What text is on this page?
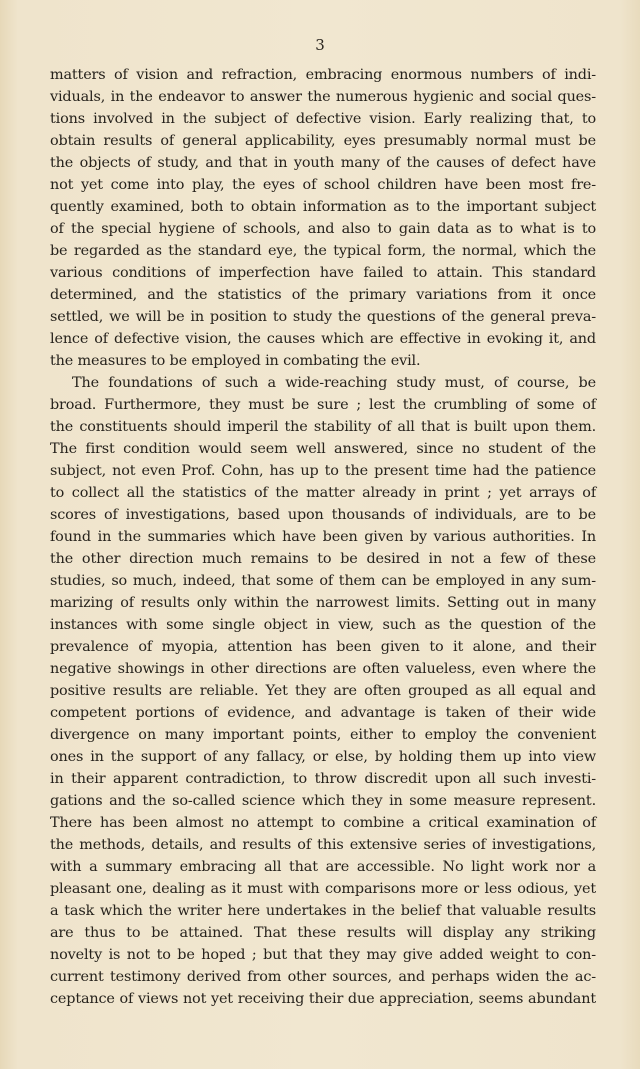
3
matters of vision and refraction, embracing enormous numbers of indi-
viduals, in the endeavor to answer the numerous hygienic and social ques-
tions involved in the subject of defective vision. Early realizing that, to
obtain results of general applicability, eyes presumably normal must be
the objects of study, and that in youth many of the causes of defect have
not yet come into play, the eyes of school children have been most fre-
quently examined, both to obtain information as to the important subject
of the special hygiene of schools, and also to gain data as to what is to
be regarded as the standard eye, the typical form, the normal, which the
various conditions of imperfection have failed to attain. This standard
determined, and the statistics of the primary variations from it once
settled, we will be in position to study the questions of the general preva-
lence of defective vision, the causes which are effective in evoking it, and
the measures to be employed in combating the evil.
The foundations of such a wide-reaching study must, of course, be
broad. Furthermore, they must be sure ; lest the crumbling of some of
the constituents should imperil the stability of all that is built upon them.
The first condition would seem well answered, since no student of the
subject, not even Prof. Cohn, has up to the present time had the patience
to collect all the statistics of the matter already in print ; yet arrays of
scores of investigations, based upon thousands of individuals, are to be
found in the summaries which have been given by various authorities. In
the other direction much remains to be desired in not a few of these
studies, so much, indeed, that some of them can be employed in any sum-
marizing of results only within the narrowest limits. Setting out in many
instances with some single object in view, such as the question of the
prevalence of myopia, attention has been given to it alone, and their
negative showings in other directions are often valueless, even where the
positive results are reliable. Yet they are often grouped as all equal and
competent portions of evidence, and advantage is taken of their wide
divergence on many important points, either to employ the convenient
ones in the support of any fallacy, or else, by holding them up into view
in their apparent contradiction, to throw discredit upon all such investi-
gations and the so-called science which they in some measure represent.
There has been almost no attempt to combine a critical examination of
the methods, details, and results of this extensive series of investigations,
with a summary embracing all that are accessible. No light work nor a
pleasant one, dealing as it must with comparisons more or less odious, yet
a task which the writer here undertakes in the belief that valuable results
are thus to be attained. That these results will display any striking
novelty is not to be hoped ; but that they may give added weight to con-
current testimony derived from other sources, and perhaps widen the ac-
ceptance of views not yet receiving their due appreciation, seems abundant
